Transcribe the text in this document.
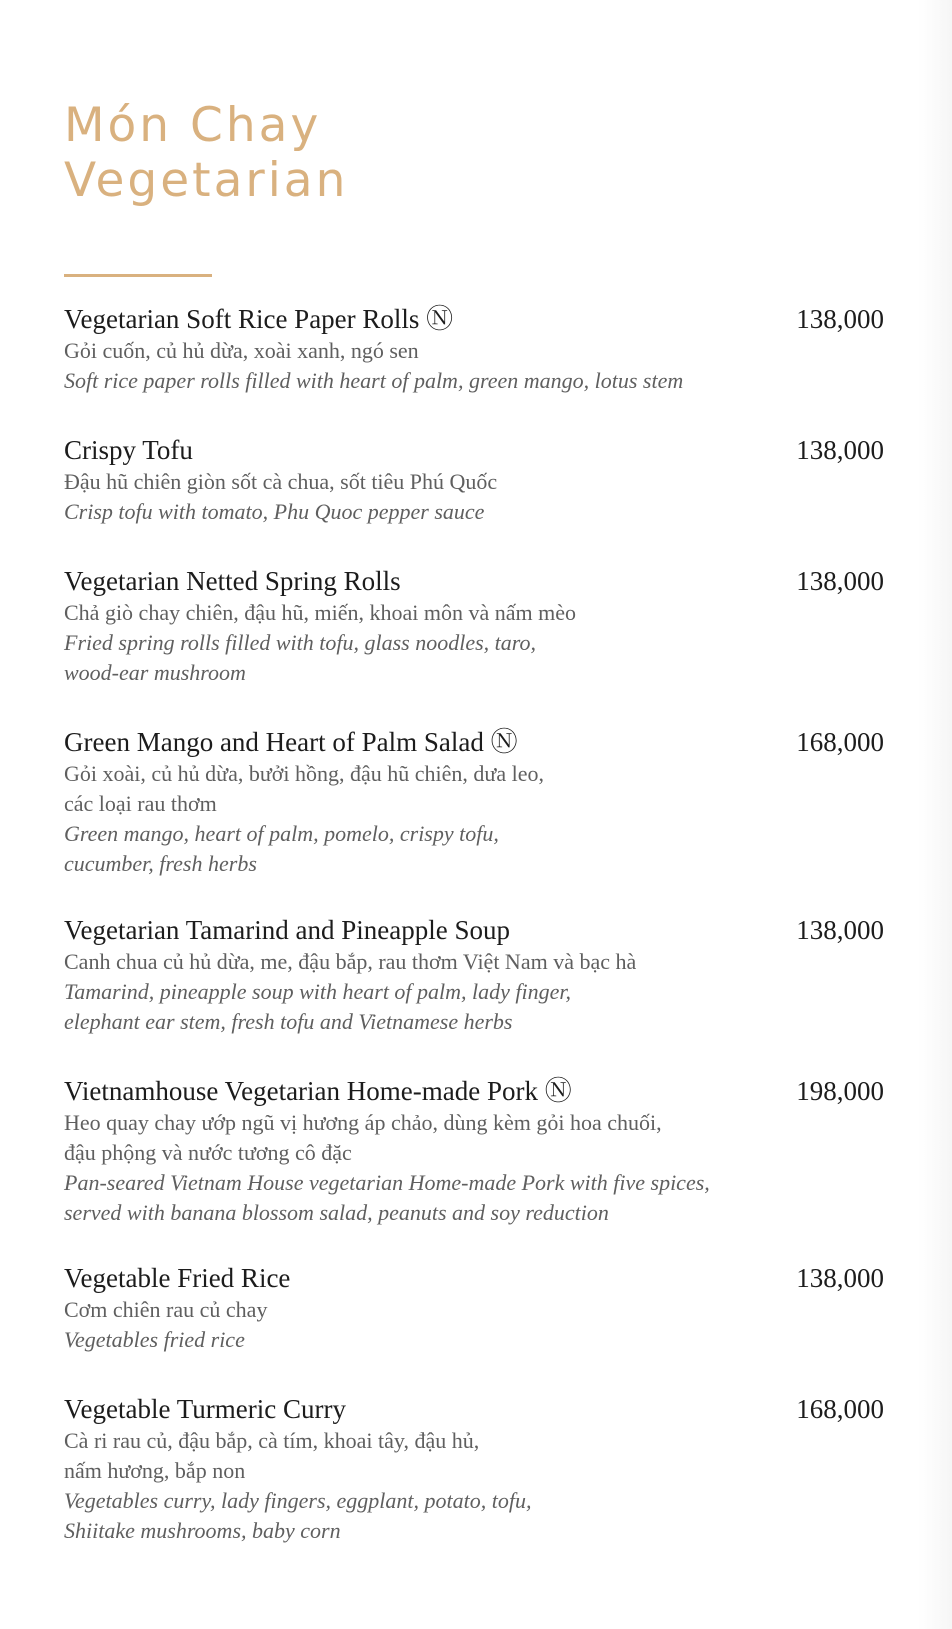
Món Chay
Vegetarian
Vegetarian Soft Rice Paper Rolls Ⓝ	138,000
Gỏi cuốn, củ hủ dừa, xoài xanh, ngó sen
Soft rice paper rolls filled with heart of palm, green mango, lotus stem
Crispy Tofu	138,000
Đậu hũ chiên giòn sốt cà chua, sốt tiêu Phú Quốc
Crisp tofu with tomato, Phu Quoc pepper sauce
Vegetarian Netted Spring Rolls	138,000
Chả giò chay chiên, đậu hũ, miến, khoai môn và nấm mèo
Fried spring rolls filled with tofu, glass noodles, taro,
wood-ear mushroom
Green Mango and Heart of Palm Salad Ⓝ	168,000
Gỏi xoài, củ hủ dừa, bưởi hồng, đậu hũ chiên, dưa leo,
các loại rau thơm
Green mango, heart of palm, pomelo, crispy tofu,
cucumber, fresh herbs
Vegetarian Tamarind and Pineapple Soup	138,000
Canh chua củ hủ dừa, me, đậu bắp, rau thơm Việt Nam và bạc hà
Tamarind, pineapple soup with heart of palm, lady finger,
elephant ear stem, fresh tofu and Vietnamese herbs
Vietnamhouse Vegetarian Home-made Pork Ⓝ	198,000
Heo quay chay ướp ngũ vị hương áp chảo, dùng kèm gỏi hoa chuối,
đậu phộng và nước tương cô đặc
Pan-seared Vietnam House vegetarian Home-made Pork with five spices,
served with banana blossom salad, peanuts and soy reduction
Vegetable Fried Rice	138,000
Cơm chiên rau củ chay
Vegetables fried rice
Vegetable Turmeric Curry	168,000
Cà ri rau củ, đậu bắp, cà tím, khoai tây, đậu hủ,
nấm hương, bắp non
Vegetables curry, lady fingers, eggplant, potato, tofu,
Shiitake mushrooms, baby corn
